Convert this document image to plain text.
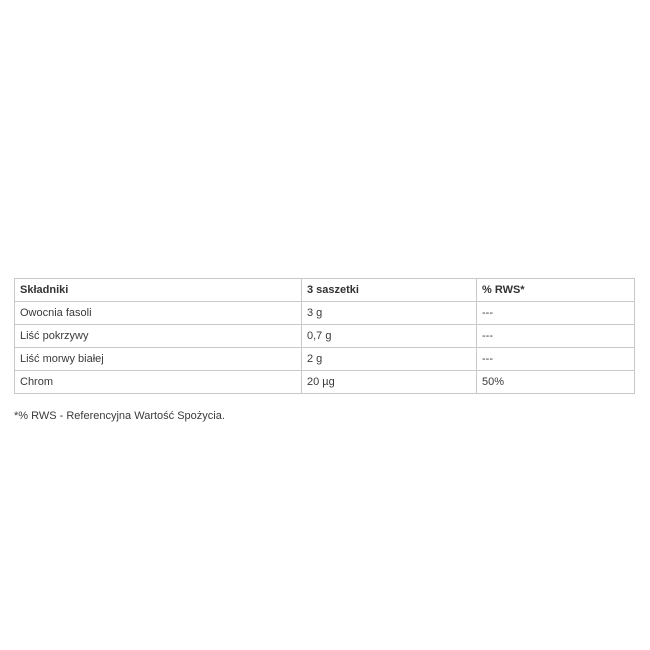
Składniki	3 saszetki	% RWS*
Owocnia fasoli	3 g	---
Liść pokrzywy	0,7 g	---
Liść morwy białej	2 g	---
Chrom	20 µg	50%

*% RWS - Referencyjna Wartość Spożycia.
